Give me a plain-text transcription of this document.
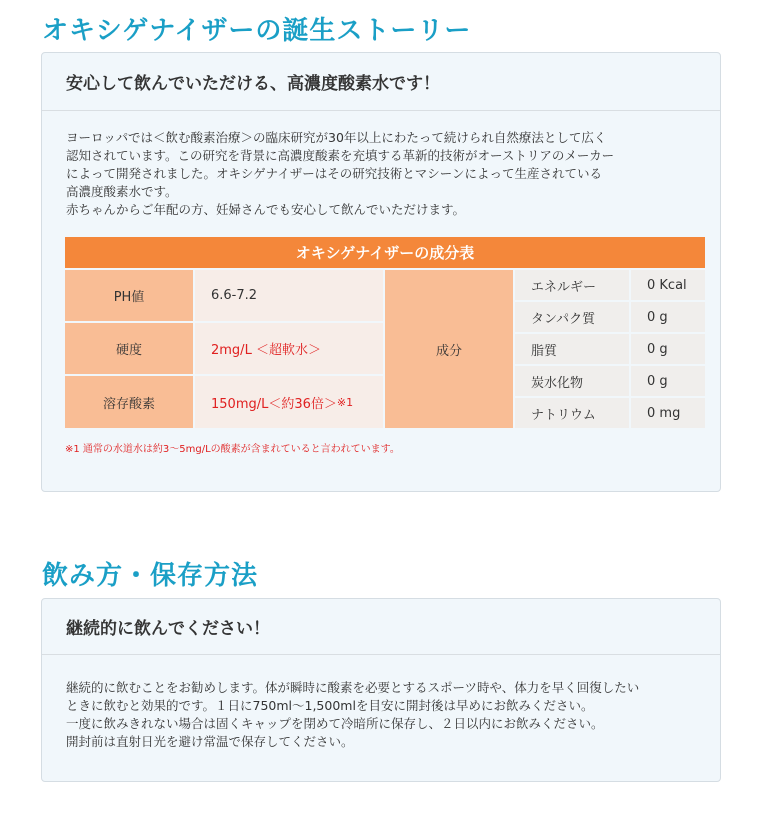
オキシゲナイザーの誕生ストーリー
安心して飲んでいただける、高濃度酸素水です！
ヨーロッパでは＜飲む酸素治療＞の臨床研究が30年以上にわたって続けられ自然療法として広く
認知されています。この研究を背景に高濃度酸素を充填する革新的技術がオーストリアのメーカー
によって開発されました。オキシゲナイザーはその研究技術とマシーンによって生産されている
高濃度酸素水です。
赤ちゃんからご年配の方、妊婦さんでも安心して飲んでいただけます。
オキシゲナイザーの成分表
PH値	6.6-7.2
硬度	2mg/L ＜超軟水＞
溶存酸素	150mg/L＜約36倍＞ ※1
成分
エネルギー	0 Kcal
タンパク質	0 g
脂質	0 g
炭水化物	0 g
ナトリウム	0 mg
※1 通常の水道水は約3〜5mg/Lの酸素が含まれていると言われています。
飲み方・保存方法
継続的に飲んでください！
継続的に飲むことをお勧めします。体が瞬時に酸素を必要とするスポーツ時や、体力を早く回復したい
ときに飲むと効果的です。１日に750ml〜1,500mlを目安に開封後は早めにお飲みください。
一度に飲みきれない場合は固くキャップを閉めて冷暗所に保存し、２日以内にお飲みください。
開封前は直射日光を避け常温で保存してください。
